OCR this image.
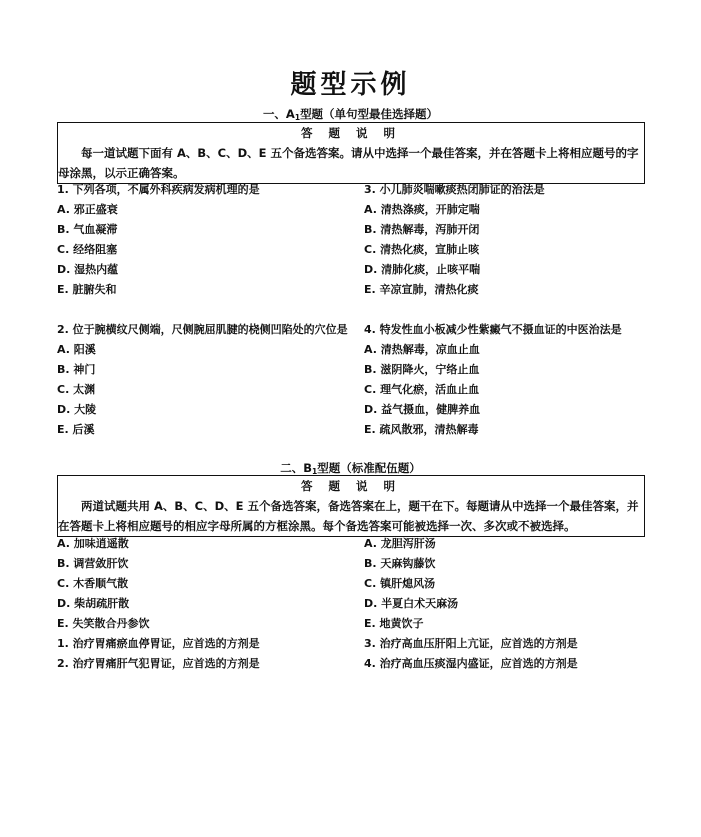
题型示例
一、A1型题（单句型最佳选择题）
答 题 说 明
每一道试题下面有 A、B、C、D、E 五个备选答案。请从中选择一个最佳答案，并在答题卡上将相应题号的字母涂黑，以示正确答案。
1. 下列各项，不属外科疾病发病机理的是
A. 邪正盛衰
B. 气血凝滞
C. 经络阻塞
D. 湿热内蕴
E. 脏腑失和
2. 位于腕横纹尺侧端，尺侧腕屈肌腱的桡侧凹陷处的穴位是
A. 阳溪
B. 神门
C. 太渊
D. 大陵
E. 后溪
3. 小儿肺炎喘嗽痰热闭肺证的治法是
A. 清热涤痰，开肺定喘
B. 清热解毒，泻肺开闭
C. 清热化痰，宣肺止咳
D. 清肺化痰，止咳平喘
E. 辛凉宣肺，清热化痰
4. 特发性血小板减少性紫癜气不摄血证的中医治法是
A. 清热解毒，凉血止血
B. 滋阴降火，宁络止血
C. 理气化瘀，活血止血
D. 益气摄血，健脾养血
E. 疏风散邪，清热解毒
二、B1型题（标准配伍题）
答 题 说 明
两道试题共用 A、B、C、D、E 五个备选答案，备选答案在上，题干在下。每题请从中选择一个最佳答案，并在答题卡上将相应题号的相应字母所属的方框涂黑。每个备选答案可能被选择一次、多次或不被选择。
A. 加味逍遥散
B. 调营敛肝饮
C. 木香顺气散
D. 柴胡疏肝散
E. 失笑散合丹参饮
1. 治疗胃痛瘀血停胃证，应首选的方剂是
2. 治疗胃痛肝气犯胃证，应首选的方剂是
A. 龙胆泻肝汤
B. 天麻钩藤饮
C. 镇肝熄风汤
D. 半夏白术天麻汤
E. 地黄饮子
3. 治疗高血压肝阳上亢证，应首选的方剂是
4. 治疗高血压痰湿内盛证，应首选的方剂是
